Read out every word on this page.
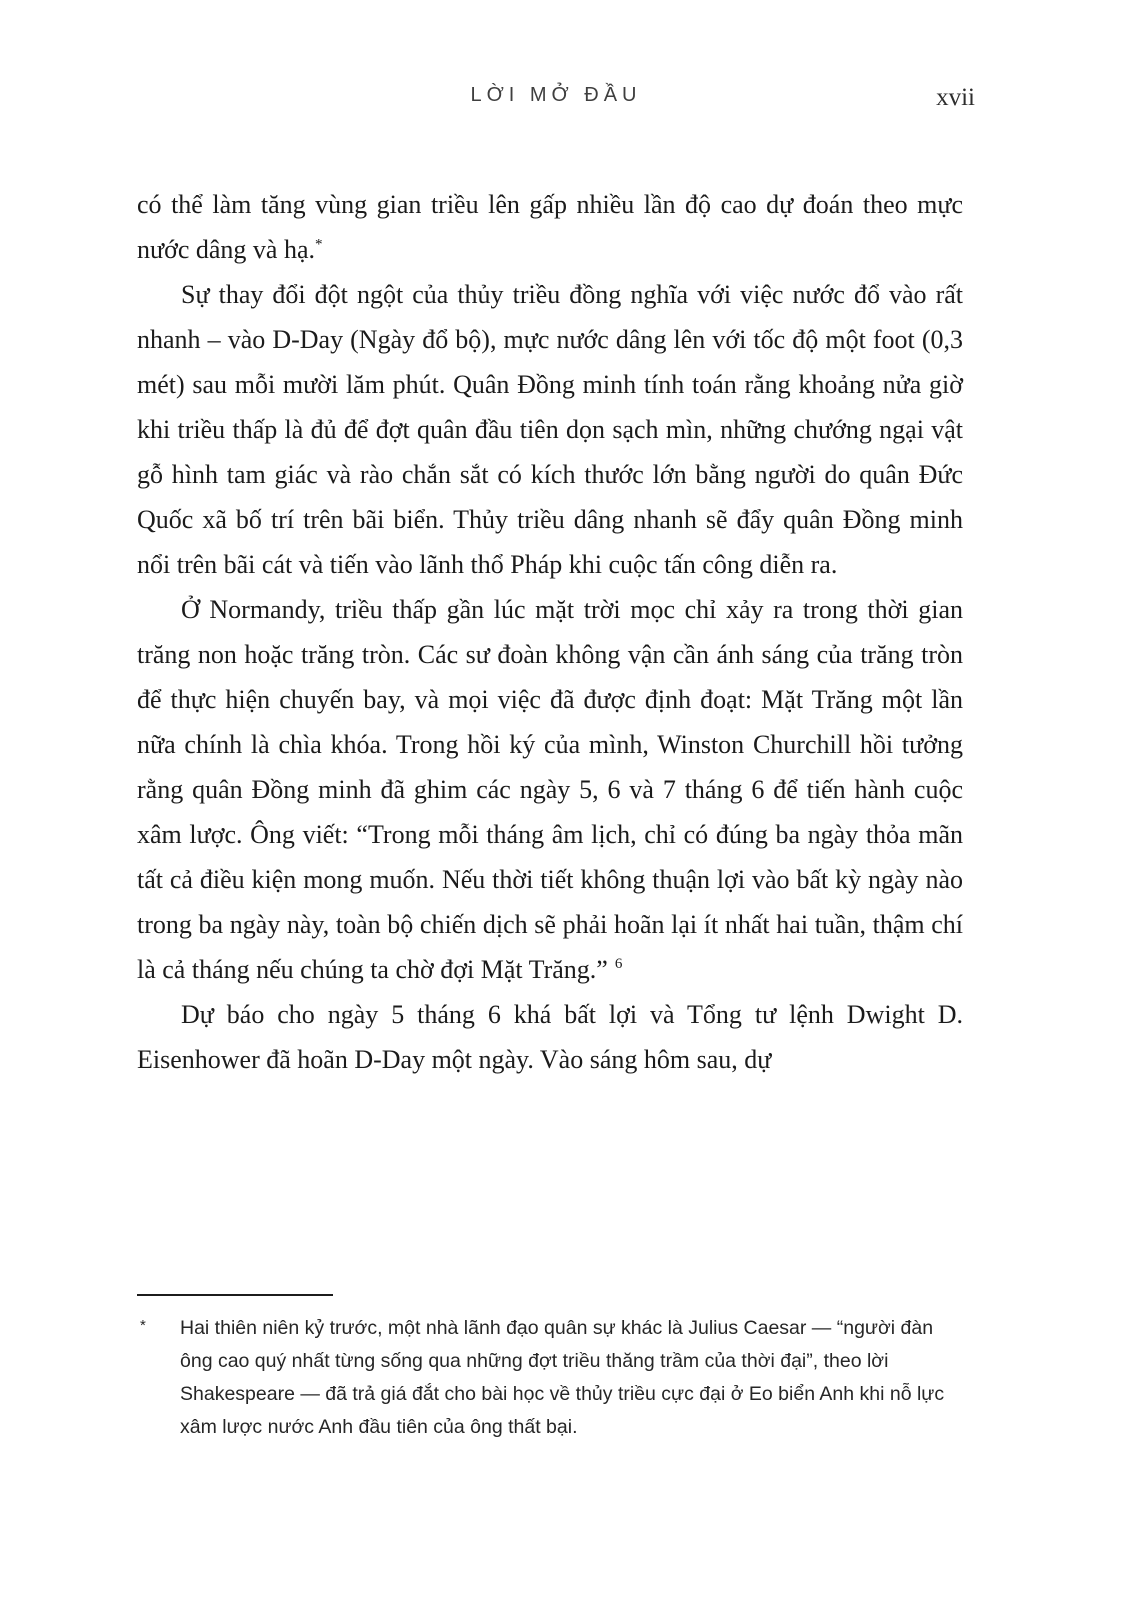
LỜI MỞ ĐẦU	xvii

có thể làm tăng vùng gian triều lên gấp nhiều lần độ cao dự đoán theo mực nước dâng và hạ.*

Sự thay đổi đột ngột của thủy triều đồng nghĩa với việc nước đổ vào rất nhanh – vào D-Day (Ngày đổ bộ), mực nước dâng lên với tốc độ một foot (0,3 mét) sau mỗi mười lăm phút. Quân Đồng minh tính toán rằng khoảng nửa giờ khi triều thấp là đủ để đợt quân đầu tiên dọn sạch mìn, những chướng ngại vật gỗ hình tam giác và rào chắn sắt có kích thước lớn bằng người do quân Đức Quốc xã bố trí trên bãi biển. Thủy triều dâng nhanh sẽ đẩy quân Đồng minh nổi trên bãi cát và tiến vào lãnh thổ Pháp khi cuộc tấn công diễn ra.

Ở Normandy, triều thấp gần lúc mặt trời mọc chỉ xảy ra trong thời gian trăng non hoặc trăng tròn. Các sư đoàn không vận cần ánh sáng của trăng tròn để thực hiện chuyến bay, và mọi việc đã được định đoạt: Mặt Trăng một lần nữa chính là chìa khóa. Trong hồi ký của mình, Winston Churchill hồi tưởng rằng quân Đồng minh đã ghim các ngày 5, 6 và 7 tháng 6 để tiến hành cuộc xâm lược. Ông viết: “Trong mỗi tháng âm lịch, chỉ có đúng ba ngày thỏa mãn tất cả điều kiện mong muốn. Nếu thời tiết không thuận lợi vào bất kỳ ngày nào trong ba ngày này, toàn bộ chiến dịch sẽ phải hoãn lại ít nhất hai tuần, thậm chí là cả tháng nếu chúng ta chờ đợi Mặt Trăng.” $^6$

Dự báo cho ngày 5 tháng 6 khá bất lợi và Tổng tư lệnh Dwight D. Eisenhower đã hoãn D-Day một ngày. Vào sáng hôm sau, dự

* Hai thiên niên kỷ trước, một nhà lãnh đạo quân sự khác là Julius Caesar — “người đàn ông cao quý nhất từng sống qua những đợt triều thăng trầm của thời đại”, theo lời Shakespeare — đã trả giá đắt cho bài học về thủy triều cực đại ở Eo biển Anh khi nỗ lực xâm lược nước Anh đầu tiên của ông thất bại.
